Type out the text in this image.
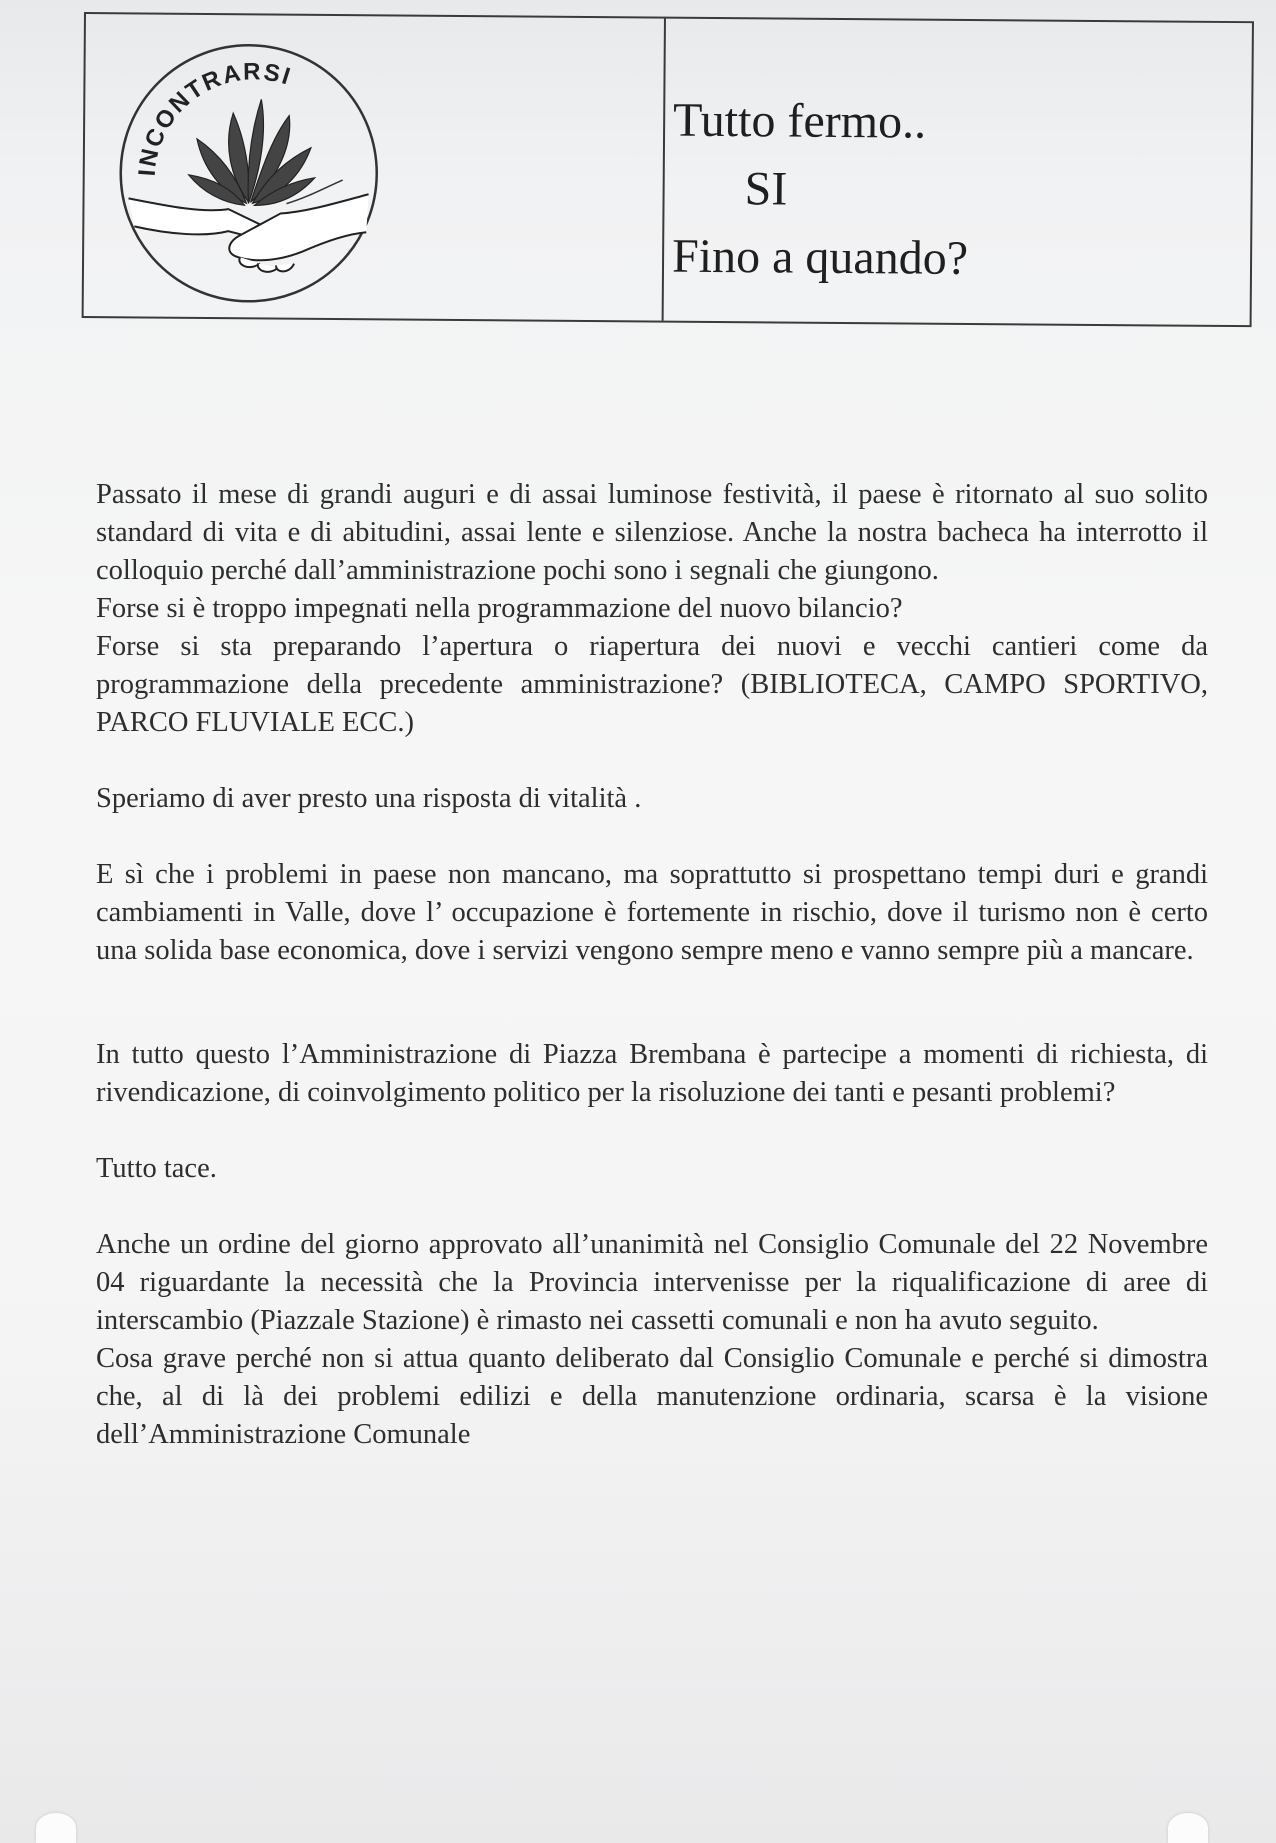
INCONTRARSI
Tutto fermo..
SI
Fino a quando?

Passato il mese di grandi auguri e di assai luminose festività, il paese è ritornato al suo solito standard di vita e di abitudini, assai lente e silenziose. Anche la nostra bacheca ha interrotto il colloquio perché dall’amministrazione pochi sono i segnali che giungono.

Forse si è troppo impegnati nella programmazione del nuovo bilancio?

Forse si sta preparando l’apertura o riapertura dei nuovi e vecchi cantieri come da programmazione della precedente amministrazione? (BIBLIOTECA, CAMPO SPORTIVO, PARCO FLUVIALE ECC.)

Speriamo di aver presto una risposta di vitalità .

E sì che i problemi in paese non mancano, ma soprattutto si prospettano tempi duri e grandi cambiamenti in Valle, dove l’ occupazione è fortemente in rischio, dove il turismo non è certo una solida base economica, dove i servizi vengono sempre meno e vanno sempre più a mancare.

In tutto questo l’Amministrazione di Piazza Brembana è partecipe a momenti di richiesta, di rivendicazione, di coinvolgimento politico per la risoluzione dei tanti e pesanti problemi?

Tutto tace.

Anche un ordine del giorno approvato all’unanimità nel Consiglio Comunale del 22 Novembre 04 riguardante la necessità che la Provincia intervenisse per la riqualificazione di aree di interscambio (Piazzale Stazione) è rimasto nei cassetti comunali e non ha avuto seguito.

Cosa grave perché non si attua quanto deliberato dal Consiglio Comunale e perché si dimostra che, al di là dei problemi edilizi e della manutenzione ordinaria, scarsa è la visione dell’Amministrazione Comunale
